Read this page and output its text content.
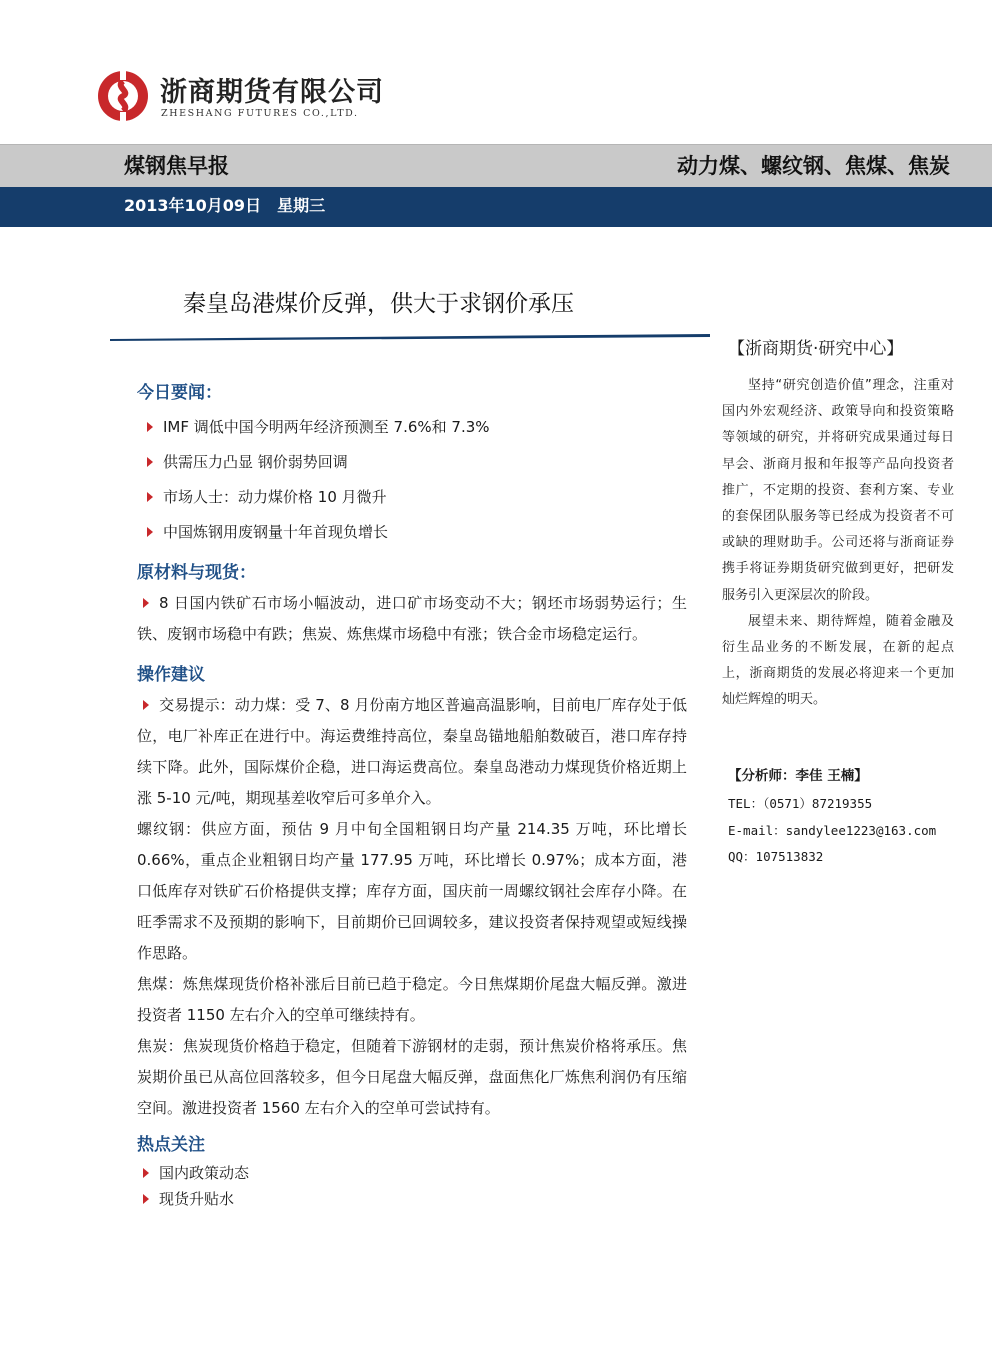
浙商期货有限公司
ZHESHANG FUTURES CO.,LTD.
煤钢焦早报	动力煤、螺纹钢、焦煤、焦炭
2013年10月09日　星期三
秦皇岛港煤价反弹，供大于求钢价承压
今日要闻：
IMF 调低中国今明两年经济预测至 7.6%和 7.3%
供需压力凸显 钢价弱势回调
市场人士：动力煤价格 10 月微升
中国炼钢用废钢量十年首现负增长
原材料与现货：

8 日国内铁矿石市场小幅波动，进口矿市场变动不大；钢坯市场弱势运行；生铁、废钢市场稳中有跌；焦炭、炼焦煤市场稳中有涨；铁合金市场稳定运行。

操作建议

交易提示：动力煤：受 7、8 月份南方地区普遍高温影响，目前电厂库存处于低位，电厂补库正在进行中。海运费维持高位，秦皇岛锚地船舶数破百，港口库存持续下降。此外，国际煤价企稳，进口海运费高位。秦皇岛港动力煤现货价格近期上涨 5-10 元/吨，期现基差收窄后可多单介入。

螺纹钢：供应方面，预估 9 月中旬全国粗钢日均产量 214.35 万吨，环比增长 0.66%，重点企业粗钢日均产量 177.95 万吨，环比增长 0.97%；成本方面，港口低库存对铁矿石价格提供支撑；库存方面，国庆前一周螺纹钢社会库存小降。在旺季需求不及预期的影响下，目前期价已回调较多，建议投资者保持观望或短线操作思路。

焦煤：炼焦煤现货价格补涨后目前已趋于稳定。今日焦煤期价尾盘大幅反弹。激进投资者 1150 左右介入的空单可继续持有。

焦炭：焦炭现货价格趋于稳定，但随着下游钢材的走弱，预计焦炭价格将承压。焦炭期价虽已从高位回落较多，但今日尾盘大幅反弹，盘面焦化厂炼焦利润仍有压缩空间。激进投资者 1560 左右介入的空单可尝试持有。

热点关注
国内政策动态
现货升贴水
【浙商期货·研究中心】

坚持“研究创造价值”理念，注重对国内外宏观经济、政策导向和投资策略等领域的研究，并将研究成果通过每日早会、浙商月报和年报等产品向投资者推广，不定期的投资、套利方案、专业的套保团队服务等已经成为投资者不可或缺的理财助手。公司还将与浙商证券携手将证券期货研究做到更好，把研发服务引入更深层次的阶段。

展望未来、期待辉煌，随着金融及衍生品业务的不断发展，在新的起点上，浙商期货的发展必将迎来一个更加灿烂辉煌的明天。

【分析师：李佳 王楠】
TEL：（0571）87219355
E-mail：sandylee1223@163.com
QQ：107513832
